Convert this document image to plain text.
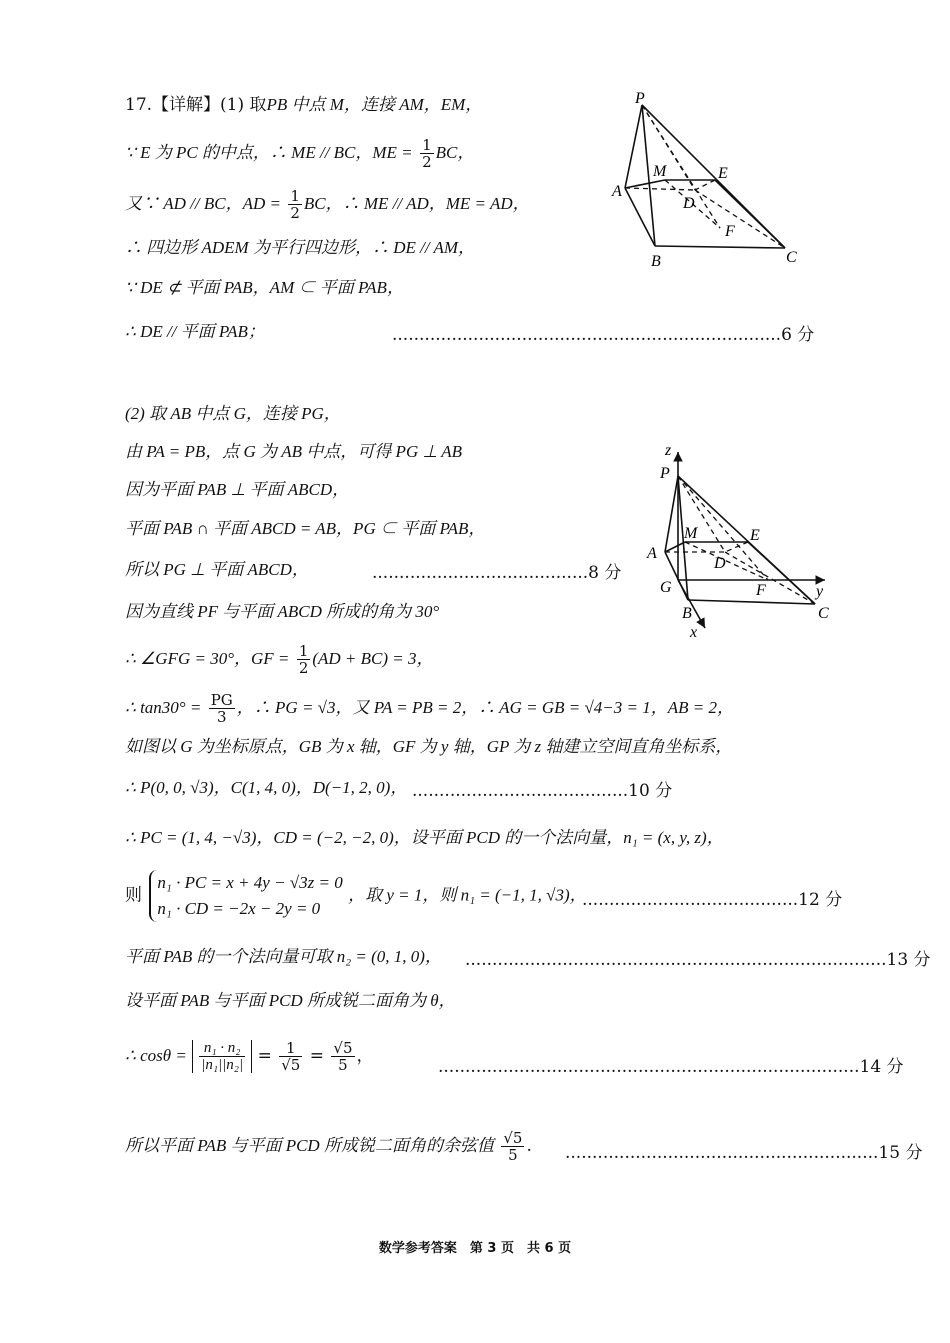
17.【详解】(1) 取PB 中点 M，连接 AM，EM，
∵ E 为 PC 的中点，∴ ME // BC，ME = $\frac{1}{2}$ BC，
又∵ AD // BC，AD = $\frac{1}{2}$ BC，∴ ME // AD，ME = AD，
∴ 四边形 ADEM 为平行四边形，∴ DE // AM，
∵ DE ⊄ 平面 PAB，AM ⊂ 平面 PAB，
∴ DE // 平面 PAB；	........................................................................6 分
P
M	E
A
D
F
B	C
(2) 取 AB 中点 G，连接 PG，
由 PA = PB，点 G 为 AB 中点，可得 PG ⊥ AB
因为平面 PAB ⊥ 平面 ABCD，
平面 PAB ∩ 平面 ABCD = AB，PG ⊂ 平面 PAB，
所以 PG ⊥ 平面 ABCD，	........................................8 分
因为直线 PF 与平面 ABCD 所成的角为 30°
∴ ∠GFG = 30°，GF = $\frac{1}{2} (AD + BC) = 3$，
∴ $\tan 30^\circ = \frac{PG}{3}$ ，∴ PG = √3，又 PA = PB = 2，∴ AG = GB = √4−3 = 1，AB = 2，
如图以 G 为坐标原点，GB 为 x 轴，GF 为 y 轴，GP 为 z 轴建立空间直角坐标系，
∴ P(0, 0, √3)，C(1, 4, 0)，D(−1, 2, 0)， ........................................10 分
∴ PC = (1, 4, −√3)，CD = (−2, −2, 0)，设平面 PCD 的一个法向量，n₁ = (x, y, z)，
则
n₁ · PC = x + 4y − √3z = 0
n₁ · CD = −2x − 2y = 0
，取 y = 1，则 n₁ = (−1, 1, √3)，
........................................12 分
平面 PAB 的一个法向量可取 n₂ = (0, 1, 0)， ..............................................................................13 分
设平面 PAB 与平面 PCD 所成锐二面角为 θ，
∴ $\cos\theta = \frac{\text{n₁ · n₂}}{\text{|n₁||n₂|}} = \frac{1}{√5} = \frac{√5}{5}$ ，
..............................................................................14 分
所以平面 PAB 与平面 PCD 所成锐二面角的余弦值 $\frac{√5}{5}$ . ..........................................................15 分
z
P
M	E
A
D
G	F	y
B	C
x
数学参考答案　第 3 页　共 6 页
